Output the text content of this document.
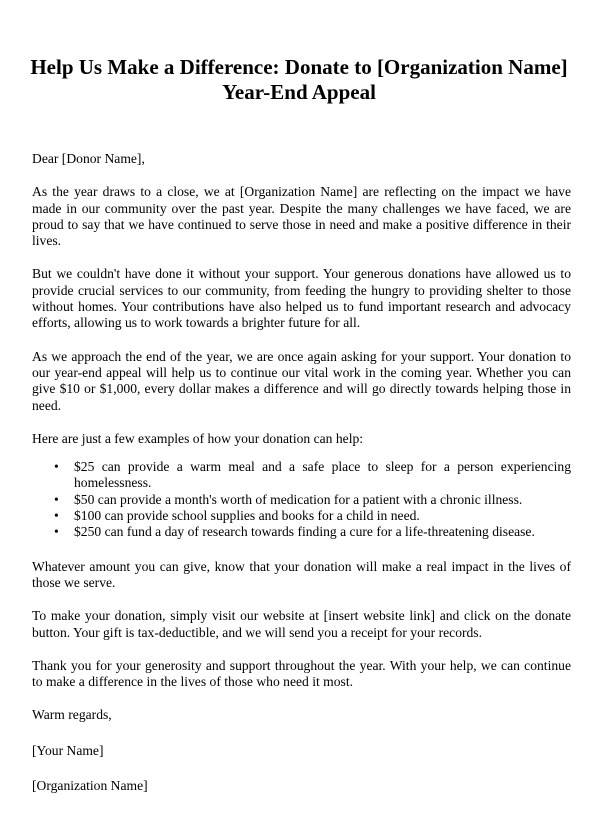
Help Us Make a Difference: Donate to [Organization Name]
Year-End Appeal

Dear [Donor Name],

As the year draws to a close, we at [Organization Name] are reflecting on the impact we have made in our community over the past year. Despite the many challenges we have faced, we are proud to say that we have continued to serve those in need and make a positive difference in their lives.

But we couldn't have done it without your support. Your generous donations have allowed us to provide crucial services to our community, from feeding the hungry to providing shelter to those without homes. Your contributions have also helped us to fund important research and advocacy efforts, allowing us to work towards a brighter future for all.

As we approach the end of the year, we are once again asking for your support. Your donation to our year-end appeal will help us to continue our vital work in the coming year. Whether you can give $10 or $1,000, every dollar makes a difference and will go directly towards helping those in need.

Here are just a few examples of how your donation can help:

• $25 can provide a warm meal and a safe place to sleep for a person experiencing homelessness.
• $50 can provide a month's worth of medication for a patient with a chronic illness.
• $100 can provide school supplies and books for a child in need.
• $250 can fund a day of research towards finding a cure for a life-threatening disease.

Whatever amount you can give, know that your donation will make a real impact in the lives of those we serve.

To make your donation, simply visit our website at [insert website link] and click on the donate button. Your gift is tax-deductible, and we will send you a receipt for your records.

Thank you for your generosity and support throughout the year. With your help, we can continue to make a difference in the lives of those who need it most.

Warm regards,

[Your Name]

[Organization Name]
